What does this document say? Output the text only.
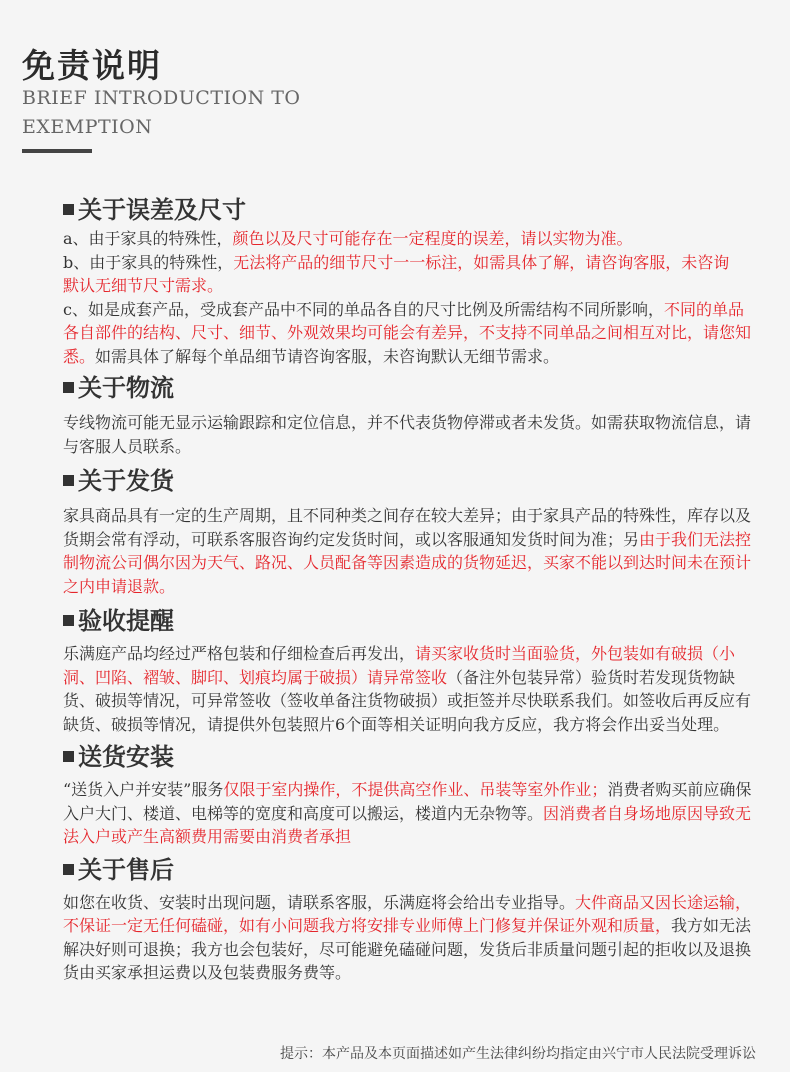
免责说明
BRIEF INTRODUCTION TO
EXEMPTION
关于误差及尺寸

a、由于家具的特殊性，颜色以及尺寸可能存在一定程度的误差，请以实物为准。

b、由于家具的特殊性，无法将产品的细节尺寸一一标注，如需具体了解，请咨询客服，未咨询默认无细节尺寸需求。

c、如是成套产品，受成套产品中不同的单品各自的尺寸比例及所需结构不同所影响，不同的单品各自部件的结构、尺寸、细节、外观效果均可能会有差异，不支持不同单品之间相互对比，请您知悉。如需具体了解每个单品细节请咨询客服，未咨询默认无细节需求。

关于物流

专线物流可能无显示运输跟踪和定位信息，并不代表货物停滞或者未发货。如需获取物流信息，请与客服人员联系。

关于发货

家具商品具有一定的生产周期，且不同种类之间存在较大差异；由于家具产品的特殊性，库存以及货期会常有浮动，可联系客服咨询约定发货时间，或以客服通知发货时间为准；另由于我们无法控制物流公司偶尔因为天气、路况、人员配备等因素造成的货物延迟，买家不能以到达时间未在预计之内申请退款。

验收提醒

乐满庭产品均经过严格包装和仔细检查后再发出，请买家收货时当面验货，外包装如有破损（小洞、凹陷、褶皱、脚印、划痕均属于破损）请异常签收（备注外包装异常）验货时若发现货物缺货、破损等情况，可异常签收（签收单备注货物破损）或拒签并尽快联系我们。如签收后再反应有缺货、破损等情况，请提供外包装照片6个面等相关证明向我方反应，我方将会作出妥当处理。

送货安装

“送货入户并安装”服务仅限于室内操作，不提供高空作业、吊装等室外作业；消费者购买前应确保入户大门、楼道、电梯等的宽度和高度可以搬运，楼道内无杂物等。因消费者自身场地原因导致无法入户或产生高额费用需要由消费者承担

关于售后

如您在收货、安装时出现问题，请联系客服，乐满庭将会给出专业指导。大件商品又因长途运输，不保证一定无任何磕碰，如有小问题我方将安排专业师傅上门修复并保证外观和质量，我方如无法解决好则可退换；我方也会包装好，尽可能避免磕碰问题，发货后非质量问题引起的拒收以及退换货由买家承担运费以及包装费服务费等。

提示：本产品及本页面描述如产生法律纠纷均指定由兴宁市人民法院受理诉讼
